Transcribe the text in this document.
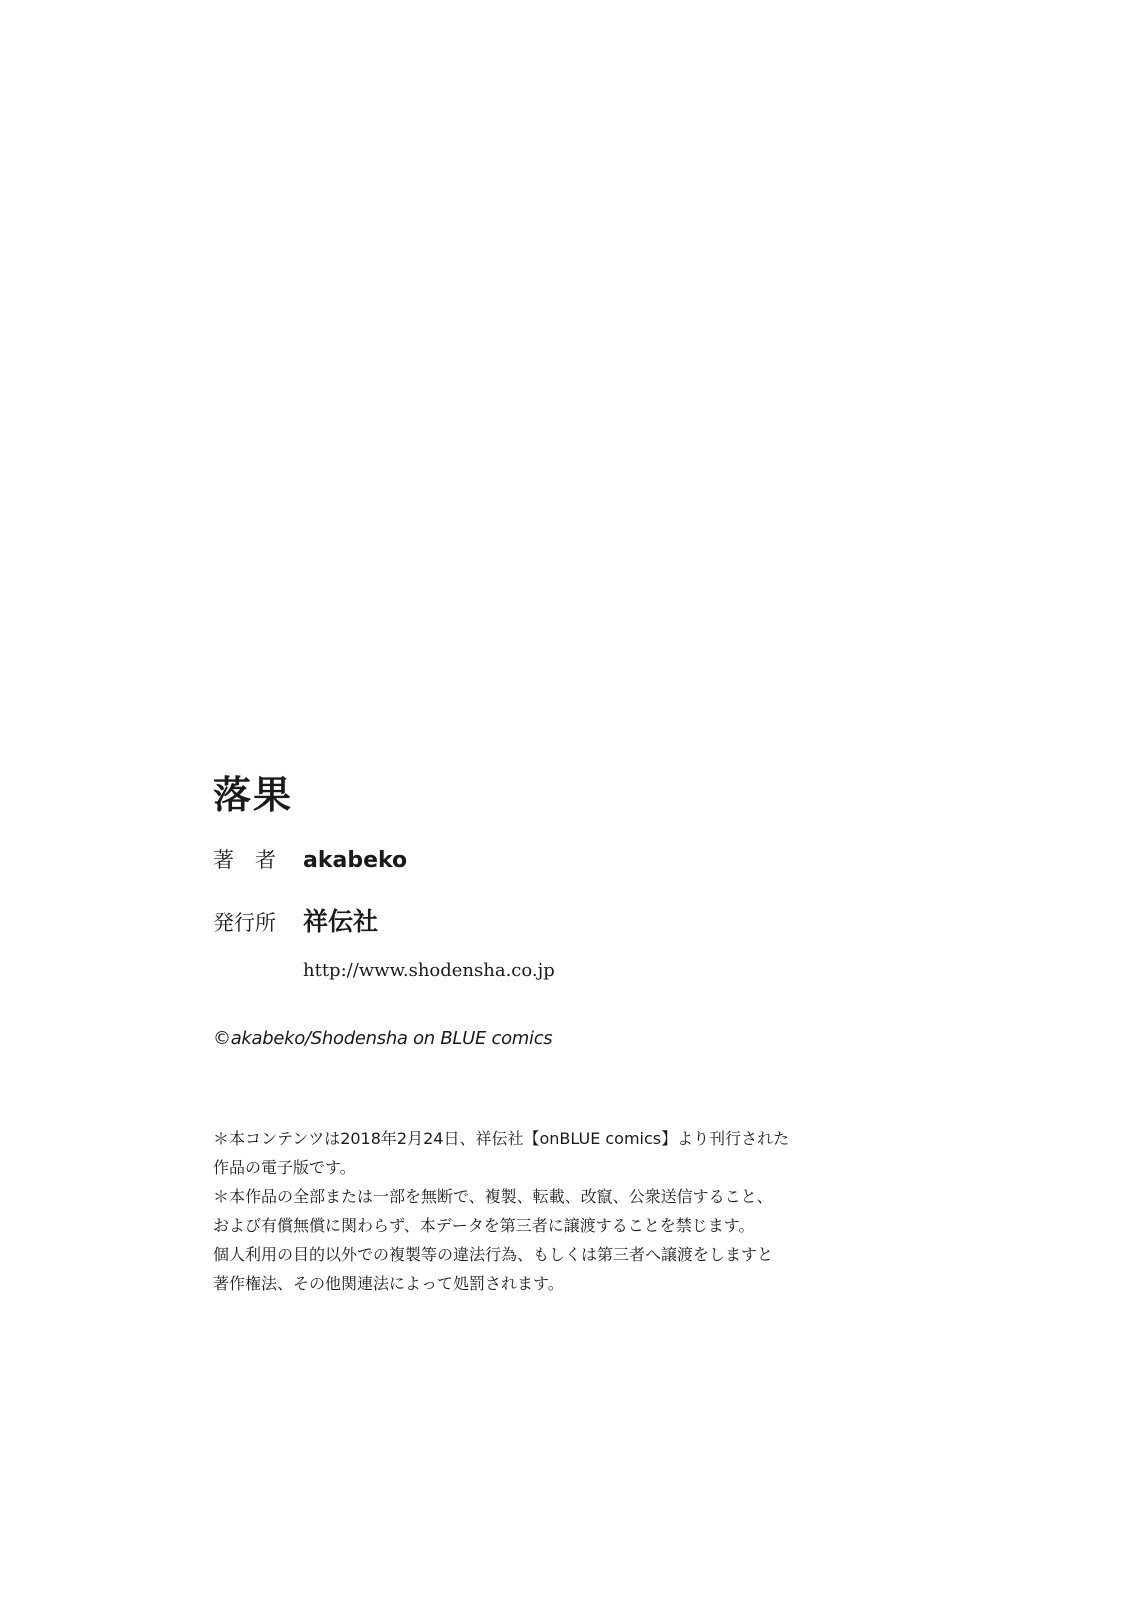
落果
著　者	akabeko
発行所	祥伝社
http://www.shodensha.co.jp
©akabeko/Shodensha on BLUE comics
＊本コンテンツは2018年2月24日、祥伝社【onBLUE comics】より刊行された
作品の電子版です。
＊本作品の全部または一部を無断で、複製、転載、改竄、公衆送信すること、
および有償無償に関わらず、本データを第三者に譲渡することを禁じます。
個人利用の目的以外での複製等の違法行為、もしくは第三者へ譲渡をしますと
著作権法、その他関連法によって処罰されます。
